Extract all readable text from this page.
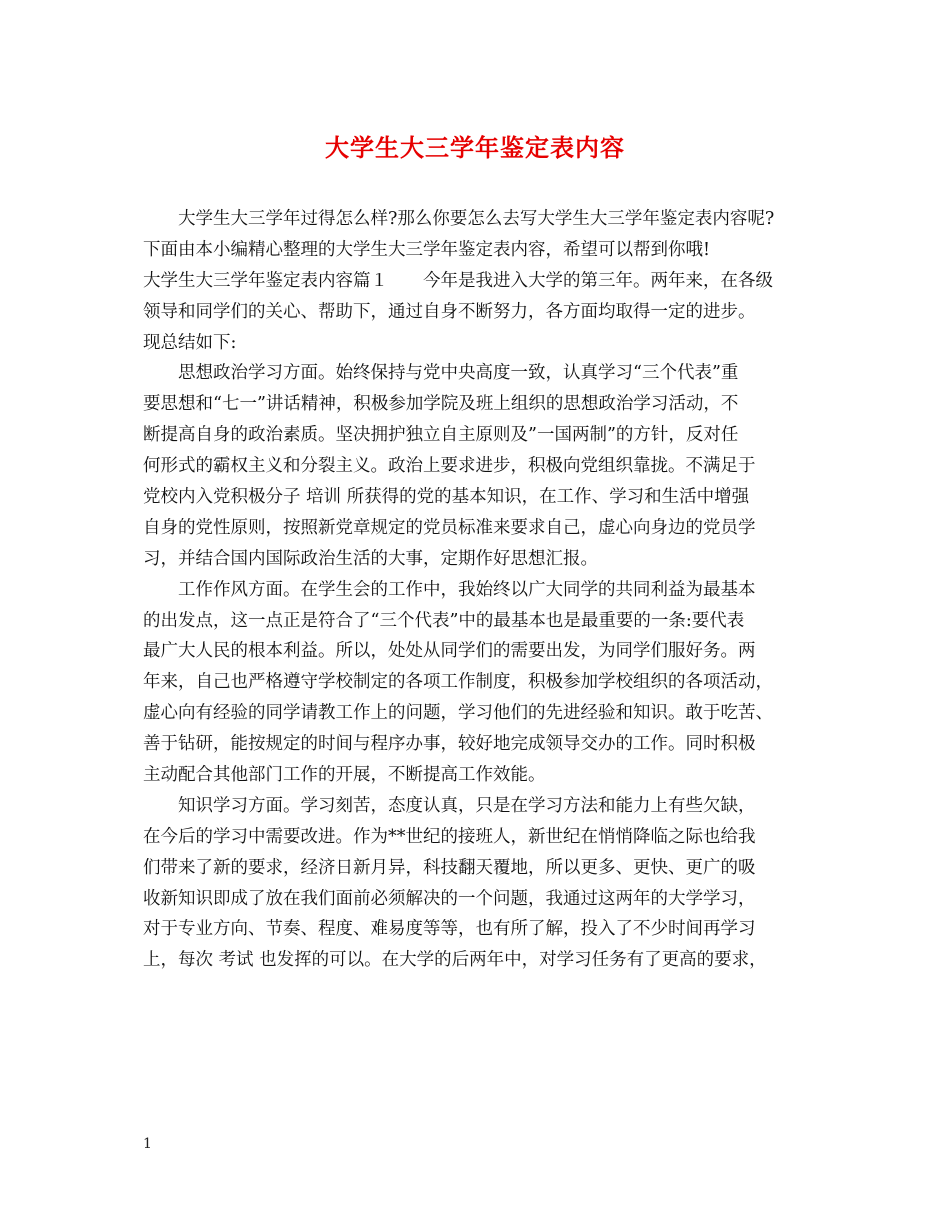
大学生大三学年鉴定表内容
大学生大三学年过得怎么样?那么你要怎么去写大学生大三学年鉴定表内容呢?
下面由本小编精心整理的大学生大三学年鉴定表内容，希望可以帮到你哦!
大学生大三学年鉴定表内容篇１　　今年是我进入大学的第三年。两年来，在各级
领导和同学们的关心、帮助下，通过自身不断努力，各方面均取得一定的进步。
现总结如下:
思想政治学习方面。始终保持与党中央高度一致，认真学习“三个代表”重
要思想和“七一”讲话精神，积极参加学院及班上组织的思想政治学习活动，不
断提高自身的政治素质。坚决拥护独立自主原则及”一国两制”的方针，反对任
何形式的霸权主义和分裂主义。政治上要求进步，积极向党组织靠拢。不满足于
党校内入党积极分子 培训 所获得的党的基本知识，在工作、学习和生活中增强
自身的党性原则，按照新党章规定的党员标准来要求自己，虚心向身边的党员学
习，并结合国内国际政治生活的大事，定期作好思想汇报。
工作作风方面。在学生会的工作中，我始终以广大同学的共同利益为最基本
的出发点，这一点正是符合了“三个代表”中的最基本也是最重要的一条:要代表
最广大人民的根本利益。所以，处处从同学们的需要出发，为同学们服好务。两
年来，自己也严格遵守学校制定的各项工作制度，积极参加学校组织的各项活动，
虚心向有经验的同学请教工作上的问题，学习他们的先进经验和知识。敢于吃苦、
善于钻研，能按规定的时间与程序办事，较好地完成领导交办的工作。同时积极
主动配合其他部门工作的开展，不断提高工作效能。
知识学习方面。学习刻苦，态度认真，只是在学习方法和能力上有些欠缺，
在今后的学习中需要改进。作为**世纪的接班人，新世纪在悄悄降临之际也给我
们带来了新的要求，经济日新月异，科技翻天覆地，所以更多、更快、更广的吸
收新知识即成了放在我们面前必须解决的一个问题，我通过这两年的大学学习，
对于专业方向、节奏、程度、难易度等等，也有所了解，投入了不少时间再学习
上，每次 考试 也发挥的可以。在大学的后两年中，对学习任务有了更高的要求，
1
